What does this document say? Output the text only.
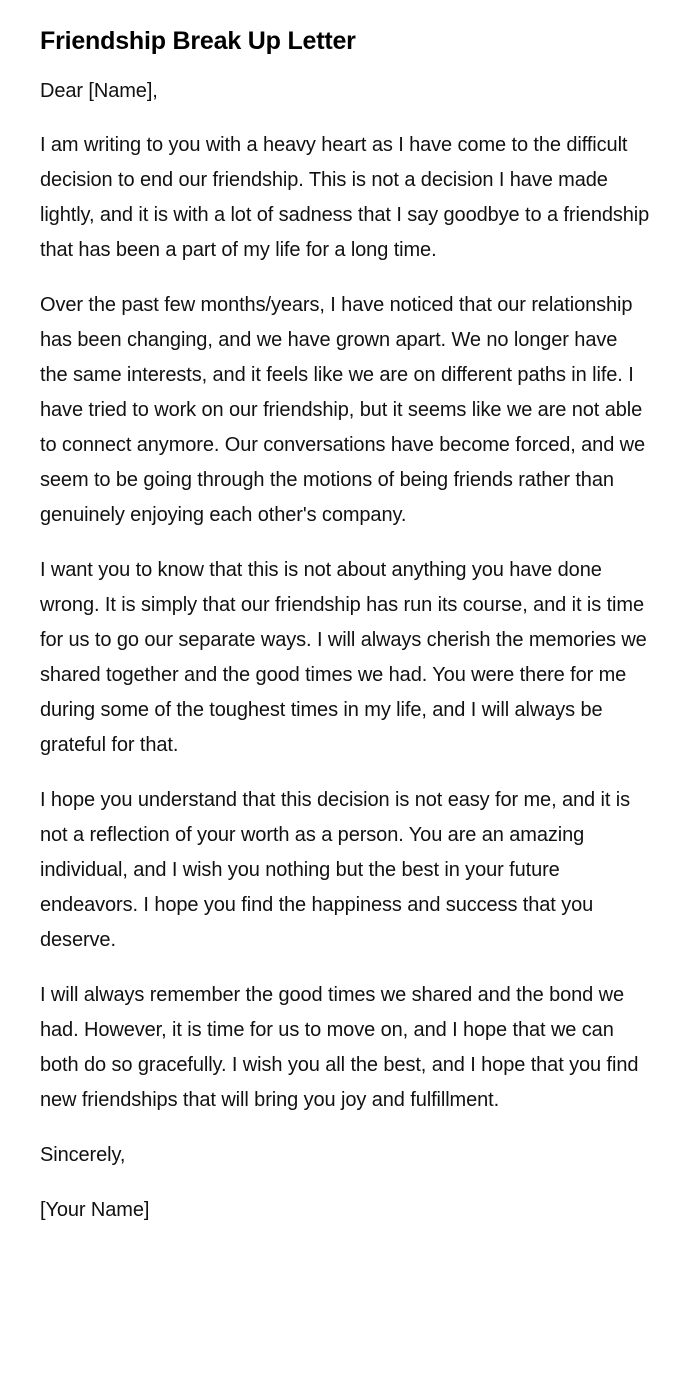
Friendship Break Up Letter

Dear [Name],

I am writing to you with a heavy heart as I have come to the difficult decision to end our friendship. This is not a decision I have made lightly, and it is with a lot of sadness that I say goodbye to a friendship that has been a part of my life for a long time.

Over the past few months/years, I have noticed that our relationship has been changing, and we have grown apart. We no longer have the same interests, and it feels like we are on different paths in life. I have tried to work on our friendship, but it seems like we are not able to connect anymore. Our conversations have become forced, and we seem to be going through the motions of being friends rather than genuinely enjoying each other's company.

I want you to know that this is not about anything you have done wrong. It is simply that our friendship has run its course, and it is time for us to go our separate ways. I will always cherish the memories we shared together and the good times we had. You were there for me during some of the toughest times in my life, and I will always be grateful for that.

I hope you understand that this decision is not easy for me, and it is not a reflection of your worth as a person. You are an amazing individual, and I wish you nothing but the best in your future endeavors. I hope you find the happiness and success that you deserve.

I will always remember the good times we shared and the bond we had. However, it is time for us to move on, and I hope that we can both do so gracefully. I wish you all the best, and I hope that you find new friendships that will bring you joy and fulfillment.

Sincerely,

[Your Name]
